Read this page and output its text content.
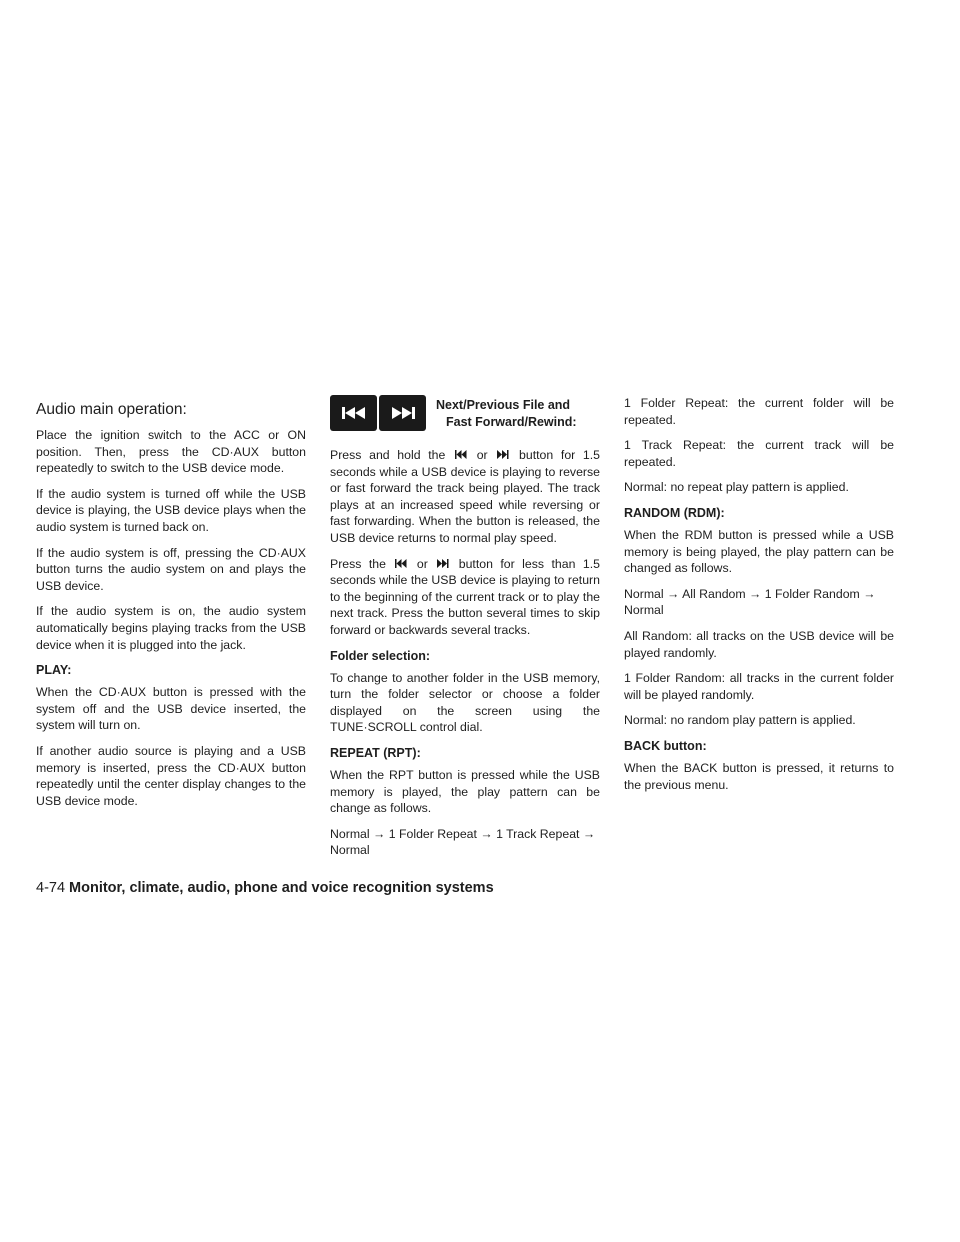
Audio main operation:

Place the ignition switch to the ACC or ON position. Then, press the CD·AUX button repeatedly to switch to the USB device mode.

If the audio system is turned off while the USB device is playing, the USB device plays when the audio system is turned back on.

If the audio system is off, pressing the CD·AUX button turns the audio system on and plays the USB device.

If the audio system is on, the audio system automatically begins playing tracks from the USB device when it is plugged into the jack.

PLAY:

When the CD·AUX button is pressed with the system off and the USB device inserted, the system will turn on.

If another audio source is playing and a USB memory is inserted, press the CD·AUX button repeatedly until the center display changes to the USB device mode.

Next/Previous File and
Fast Forward/Rewind:

Press and hold the	or	button for 1.5 seconds while a USB device is playing to reverse or fast forward the track being played. The track plays at an increased speed while reversing or fast forwarding. When the button is released, the USB device returns to normal play speed.

Press the	or	button for less than 1.5 seconds while the USB device is playing to return to the beginning of the current track or to play the next track. Press the button several times to skip forward or backwards several tracks.

Folder selection:

To change to another folder in the USB memory, turn the folder selector or choose a folder displayed on the screen using the TUNE·SCROLL control dial.

REPEAT (RPT):

When the RPT button is pressed while the USB memory is played, the play pattern can be change as follows.

Normal → 1 Folder Repeat → 1 Track Repeat → Normal

1 Folder Repeat: the current folder will be repeated.

1 Track Repeat: the current track will be repeated.

Normal: no repeat play pattern is applied.

RANDOM (RDM):

When the RDM button is pressed while a USB memory is being played, the play pattern can be changed as follows.

Normal → All Random → 1 Folder Random → Normal

All Random: all tracks on the USB device will be played randomly.

1 Folder Random: all tracks in the current folder will be played randomly.

Normal: no random play pattern is applied.

BACK button:

When the BACK button is pressed, it returns to the previous menu.

4-74 Monitor, climate, audio, phone and voice recognition systems
